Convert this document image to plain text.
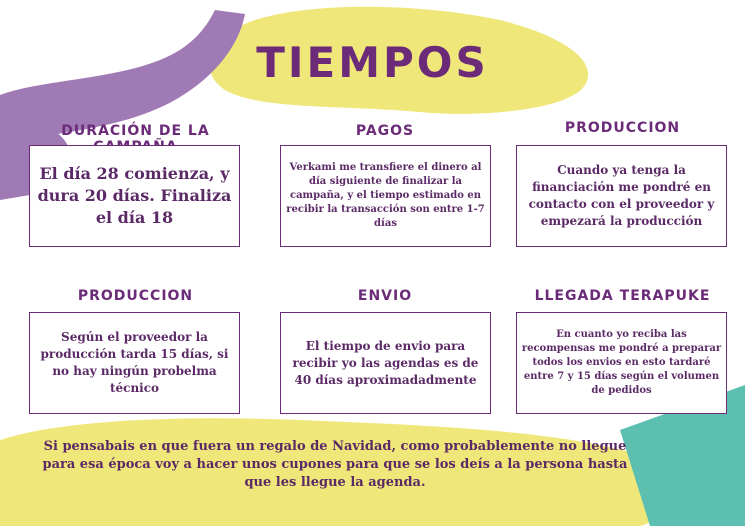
TIEMPOS
DURACIÓN DE LA
El día 28 comienza, y dura 20 días. Finaliza el día 18
PAGOS
Verkami me transfiere el dinero al día siguiente de finalizar la campaña, y el tiempo estimado en recibir la transacción son entre 1-7 días
PRODUCCION
Cuando ya tenga la financiación me pondré en contacto con el proveedor y empezará la producción
PRODUCCION
Según el proveedor la producción tarda 15 días, si no hay ningún probelma técnico
ENVIO
El tiempo de envio para recibir yo las agendas es de 40 días aproximadadmente
LLEGADA TERAPUKE
En cuanto yo reciba las recompensas me pondré a preparar todos los envios en esto tardaré entre 7 y 15 días según el volumen de pedidos
Si pensabais en que fuera un regalo de Navidad, como probablemente no llegue para esa época voy a hacer unos cupones para que se los deís a la persona hasta que les llegue la agenda.
